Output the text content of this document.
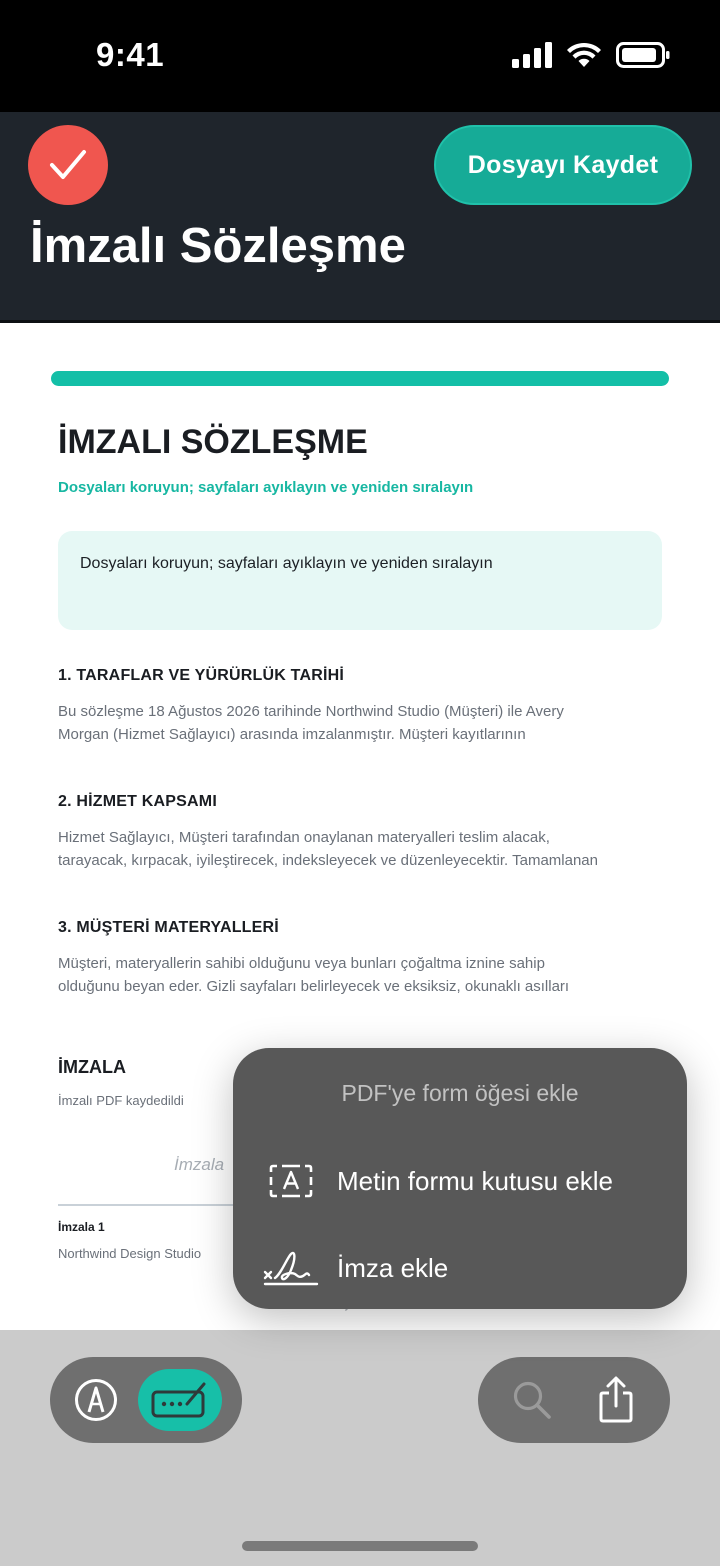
9:41
Dosyayı Kaydet
İmzalı Sözleşme
İMZALI SÖZLEŞME
Dosyaları koruyun; sayfaları ayıklayın ve yeniden sıralayın
Dosyaları koruyun; sayfaları ayıklayın ve yeniden sıralayın
1. TARAFLAR VE YÜRÜRLÜK TARİHİ
Bu sözleşme 18 Ağustos 2026 tarihinde Northwind Studio (Müşteri) ile Avery
Morgan (Hizmet Sağlayıcı) arasında imzalanmıştır. Müşteri kayıtlarının
2. HİZMET KAPSAMI
Hizmet Sağlayıcı, Müşteri tarafından onaylanan materyalleri teslim alacak,
tarayacak, kırpacak, iyileştirecek, indeksleyecek ve düzenleyecektir. Tamamlanan
3. MÜŞTERİ MATERYALLERİ
Müşteri, materyallerin sahibi olduğunu veya bunları çoğaltma iznine sahip
olduğunu beyan eder. Gizli sayfaları belirleyecek ve eksiksiz, okunaklı asılları
İMZALA
İmzalı PDF kaydedildi
İmzala
İmzala 1
Northwind Design Studio
PDF'ye form öğesi ekle
Metin formu kutusu ekle
İmza ekle
